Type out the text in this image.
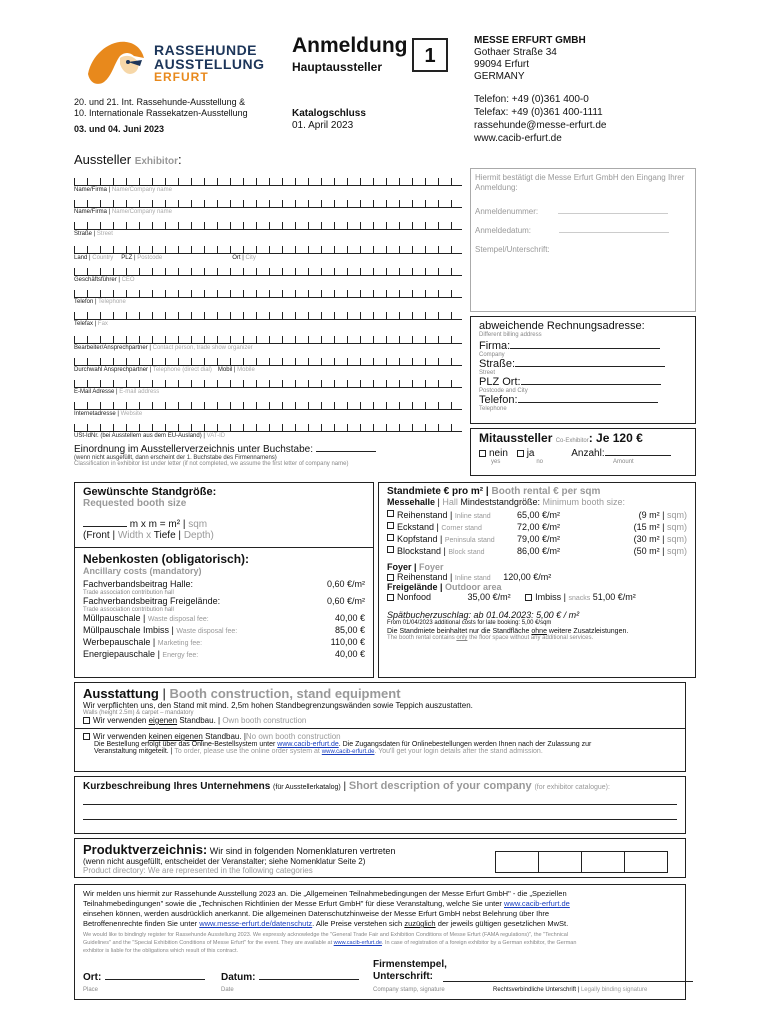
RASSEHUNDE
AUSSTELLUNG
ERFURT
20. und 21. Int. Rassehunde-Ausstellung &
10. Internationale Rassekatzen-Ausstellung
03. und 04. Juni 2023
Anmeldung
Hauptaussteller	1
Katalogschluss
01. April 2023
MESSE ERFURT GMBH
Gothaer Straße 34
99094 Erfurt
GERMANY
Telefon: +49 (0)361 400-0
Telefax: +49 (0)361 400-1111
rassehunde@messe-erfurt.de
www.cacib-erfurt.de
Aussteller Exhibitor:
Name/Firma | Name/Company name
Name/Firma | Name/Company name
Straße | Street
Land | Country PLZ | Postcode	Ort | City
Geschäftsführer | CEO
Telefon | Telephone
Telefax | Fax
Bearbeiter/Ansprechpartner | Contact person, trade show organizer
Durchwahl Ansprechpartner | Telephone (direct dial) Mobil | Mobile
E-Mail Adresse | E-mail address
Internetadresse | Website
USt-IdNr. (bei Ausstellern aus dem EU-Ausland) | VAT-ID
Einordnung im Ausstellerverzeichnis unter Buchstabe:
(wenn nicht ausgefüllt, dann erscheint der 1. Buchstabe des Firmennamens)
Classification in exhibitor list under letter (if not completed, we assume the first letter of company name)
Hiermit bestätigt die Messe Erfurt GmbH den Eingang Ihrer Anmeldung:
Anmeldenummer:
Anmeldedatum:
Stempel/Unterschrift:
abweichende Rechnungsadresse:
Different billing address
Firma:
Company
Straße:
Street
PLZ Ort:
Postcode and City
Telefon:
Telephone
Mitaussteller Co-Exhibitor: Je 120 €
nein ja	Anzahl:
yes	no	Amount
Gewünschte Standgröße:
Requested booth size
m x m = m² | sqm
(Front | Width x Tiefe | Depth)
Nebenkosten (obligatorisch):
Ancillary costs (mandatory)
Fachverbandsbeitrag Halle:	0,60 €/m²
Trade association contribution hall
Fachverbandsbeitrag Freigelände:	0,60 €/m²
Trade association contribution hall
Müllpauschale | Waste disposal fee:	40,00 €
Müllpauschale Imbiss | Waste disposal fee:	85,00 €
Werbepauschale | Marketing fee:	110,00 €
Energiepauschale | Energy fee:	40,00 €
Standmiete € pro m² | Booth rental € per sqm
Messehalle | Hall Mindeststandgröße: Minimum booth size:
Reihenstand | Inline stand	65,00 €/m²	(9 m² | sqm)
Eckstand | Corner stand	72,00 €/m²	(15 m² | sqm)
Kopfstand | Peninsula stand	79,00 €/m²	(30 m² | sqm)
Blockstand | Block stand	86,00 €/m²	(50 m² | sqm)
Foyer | Foyer
Reihenstand | Inline stand 120,00 €/m²
Freigelände | Outdoor area
Nonfood	35,00 €/m²	Imbiss | snacks 51,00 €/m²
Spätbucherzuschlag: ab 01.04.2023: 5,00 € / m²
From 01/04/2023 additional costs for late booking: 5,00 €/sqm
Die Standmiete beinhaltet nur die Standfläche ohne weitere Zusatzleistungen.
The booth rental contains only the floor space without any additional services.
Ausstattung | Booth construction, stand equipment
Wir verpflichten uns, den Stand mit mind. 2,5m hohen Standbegrenzungswänden sowie Teppich auszustatten.
Walls (height 2.5m) & carpet – mandatory
Wir verwenden eigenen Standbau. | Own booth construction
Wir verwenden keinen eigenen Standbau. |No own booth construction
Die Bestellung erfolgt über das Online-Bestellsystem unter www.cacib-erfurt.de. Die Zugangsdaten für Onlinebestellungen werden Ihnen nach der Zulassung zur
Veranstaltung mitgeteilt. | To order, please use the online order system at www.cacib-erfurt.de. You'll get your login details after the stand admission.
Kurzbeschreibung Ihres Unternehmens (für Ausstellerkatalog) | Short description of your company (for exhibitor catalogue):
Produktverzeichnis: Wir sind in folgenden Nomenklaturen vertreten
(wenn nicht ausgefüllt, entscheidet der Veranstalter; siehe Nomenklatur Seite 2)
Product directory: We are represented in the following categories
Wir melden uns hiermit zur Rassehunde Ausstellung 2023 an. Die „Allgemeinen Teilnahmebedingungen der Messe Erfurt GmbH" - die „Speziellen
Teilnahmebedingungen" sowie die „Technischen Richtlinien der Messe Erfurt GmbH" für diese Veranstaltung, welche Sie unter www.cacib-erfurt.de
einsehen können, werden ausdrücklich anerkannt. Die allgemeinen Datenschutzhinweise der Messe Erfurt GmbH nebst Belehrung über Ihre
Betroffenenrechte finden Sie unter www.messe-erfurt.de/datenschutz. Alle Preise verstehen sich zuzüglich der jeweils gültigen gesetzlichen MwSt.
We would like to bindingly register for Rassehunde Ausstellung 2023. We expressly acknowledge the "General Trade Fair and Exhibition Conditions of Messe Erfurt (FAMA regulations)", the "Technical
Guidelines" and the "Special Exhibition Conditions of Messe Erfurt" for the event. They are available at www.cacib-erfurt.de. In case of registration of a foreign exhibitor by a German exhibitor, the German
exhibitor is liable for the obligations which result of this contract.
Ort:
Place
Datum:
Date
Firmenstempel,
Unterschrift:
Company stamp, signature	Rechtsverbindliche Unterschrift | Legally binding signature
